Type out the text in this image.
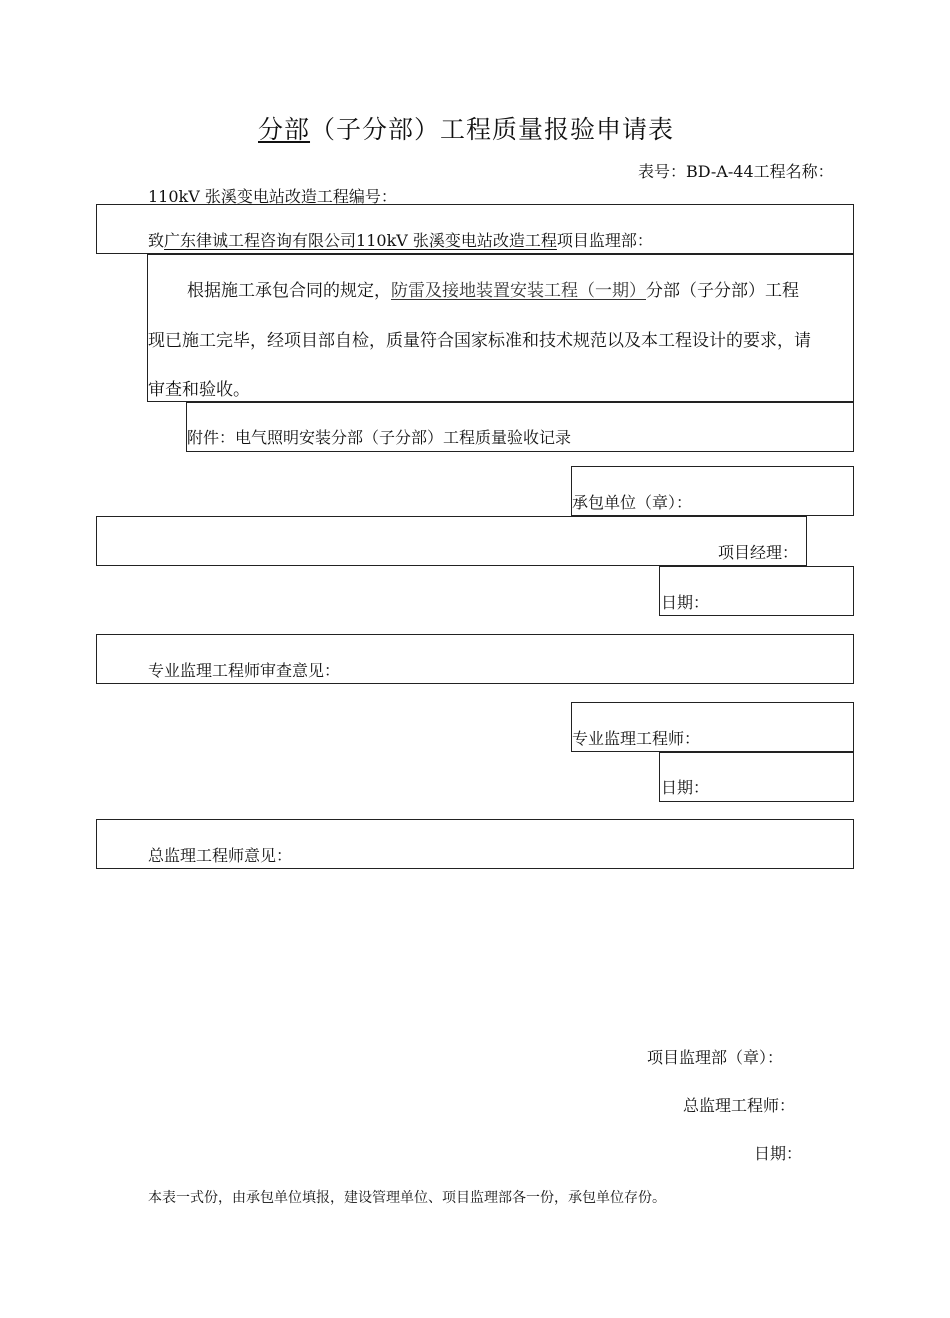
分部（子分部）工程质量报验申请表
表号：BD-A-44工程名称：
110kV 张溪变电站改造工程编号：
致广东律诚工程咨询有限公司110kV 张溪变电站改造工程项目监理部：
根据施工承包合同的规定，防雷及接地装置安装工程（一期）分部（子分部）工程
现已施工完毕，经项目部自检，质量符合国家标准和技术规范以及本工程设计的要求，请
审查和验收。
附件：电气照明安装分部（子分部）工程质量验收记录
承包单位（章）：
项目经理：
日期：
专业监理工程师审查意见：
专业监理工程师：
日期：
总监理工程师意见：
项目监理部（章）：
总监理工程师：
日期：
本表一式份，由承包单位填报，建设管理单位、项目监理部各一份，承包单位存份。
